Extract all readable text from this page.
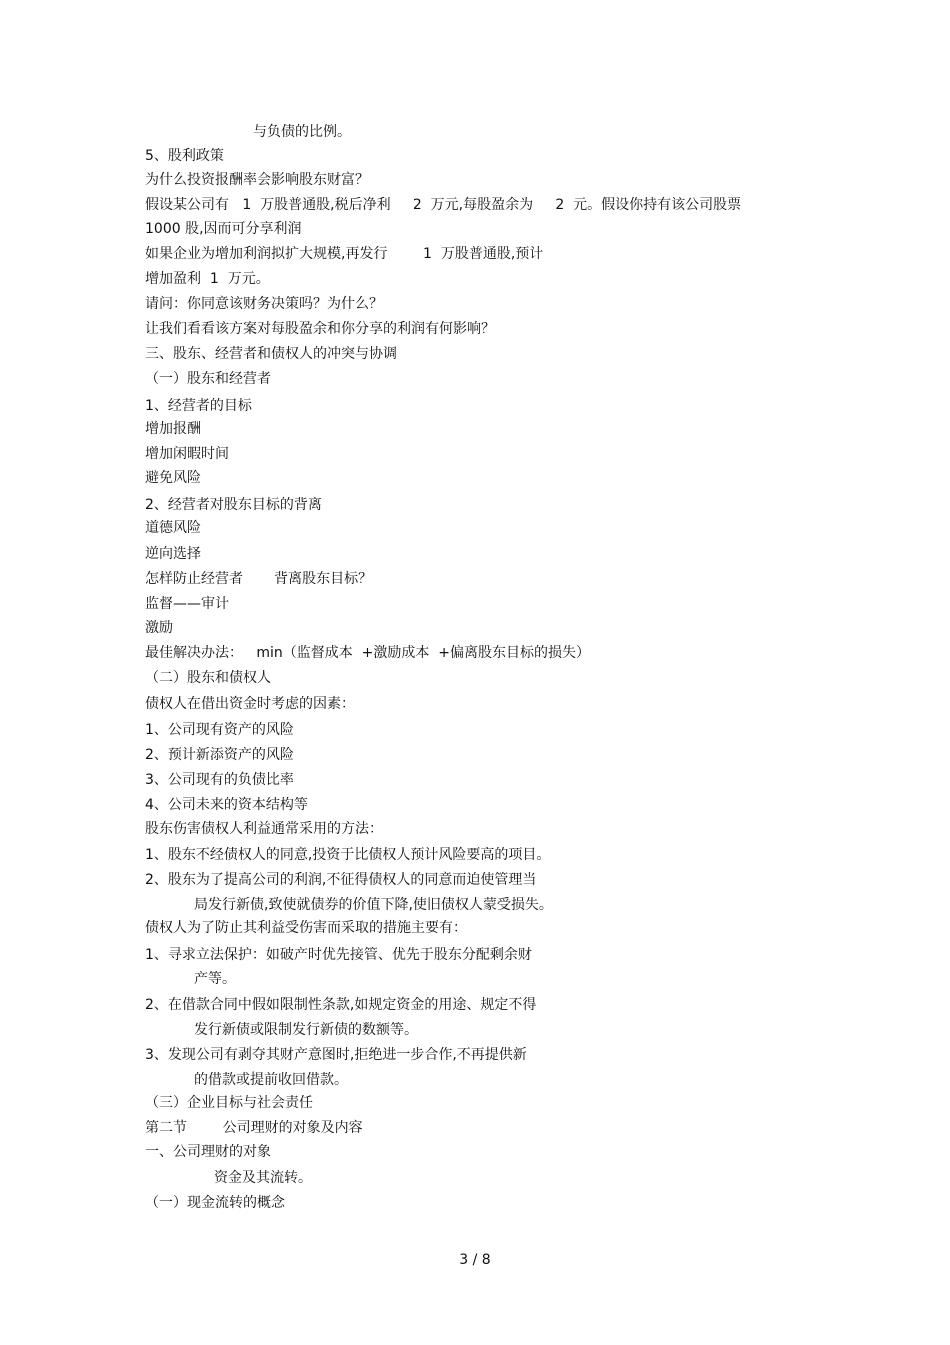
与负债的比例。
5、股利政策
为什么投资报酬率会影响股东财富？
假设某公司有   1  万股普通股,税后净利     2  万元,每股盈余为     2  元。假设你持有该公司股票
1000 股,因而可分享利润
如果企业为增加利润拟扩大规模,再发行        1  万股普通股,预计
增加盈利  1  万元。
请问：你同意该财务决策吗？为什么？
让我们看看该方案对每股盈余和你分享的利润有何影响？
三、股东、经营者和债权人的冲突与协调
（一）股东和经营者
1、经营者的目标
增加报酬
增加闲暇时间
避免风险
2、经营者对股东目标的背离
道德风险
逆向选择
怎样防止经营者       背离股东目标？
监督——审计
激励
最佳解决办法：   min（监督成本  +激励成本  +偏离股东目标的损失）
（二）股东和债权人
债权人在借出资金时考虑的因素：
1、公司现有资产的风险
2、预计新添资产的风险
3、公司现有的负债比率
4、公司未来的资本结构等
股东伤害债权人利益通常采用的方法：
1、股东不经债权人的同意,投资于比债权人预计风险要高的项目。
2、股东为了提高公司的利润,不征得债权人的同意而迫使管理当
局发行新债,致使就债券的价值下降,使旧债权人蒙受损失。
债权人为了防止其利益受伤害而采取的措施主要有：
1、寻求立法保护：如破产时优先接管、优先于股东分配剩余财
产等。
2、在借款合同中假如限制性条款,如规定资金的用途、规定不得
发行新债或限制发行新债的数额等。
3、发现公司有剥夺其财产意图时,拒绝进一步合作,不再提供新
的借款或提前收回借款。
（三）企业目标与社会责任
第二节        公司理财的对象及内容
一、公司理财的对象
资金及其流转。
（一）现金流转的概念
3 / 8
